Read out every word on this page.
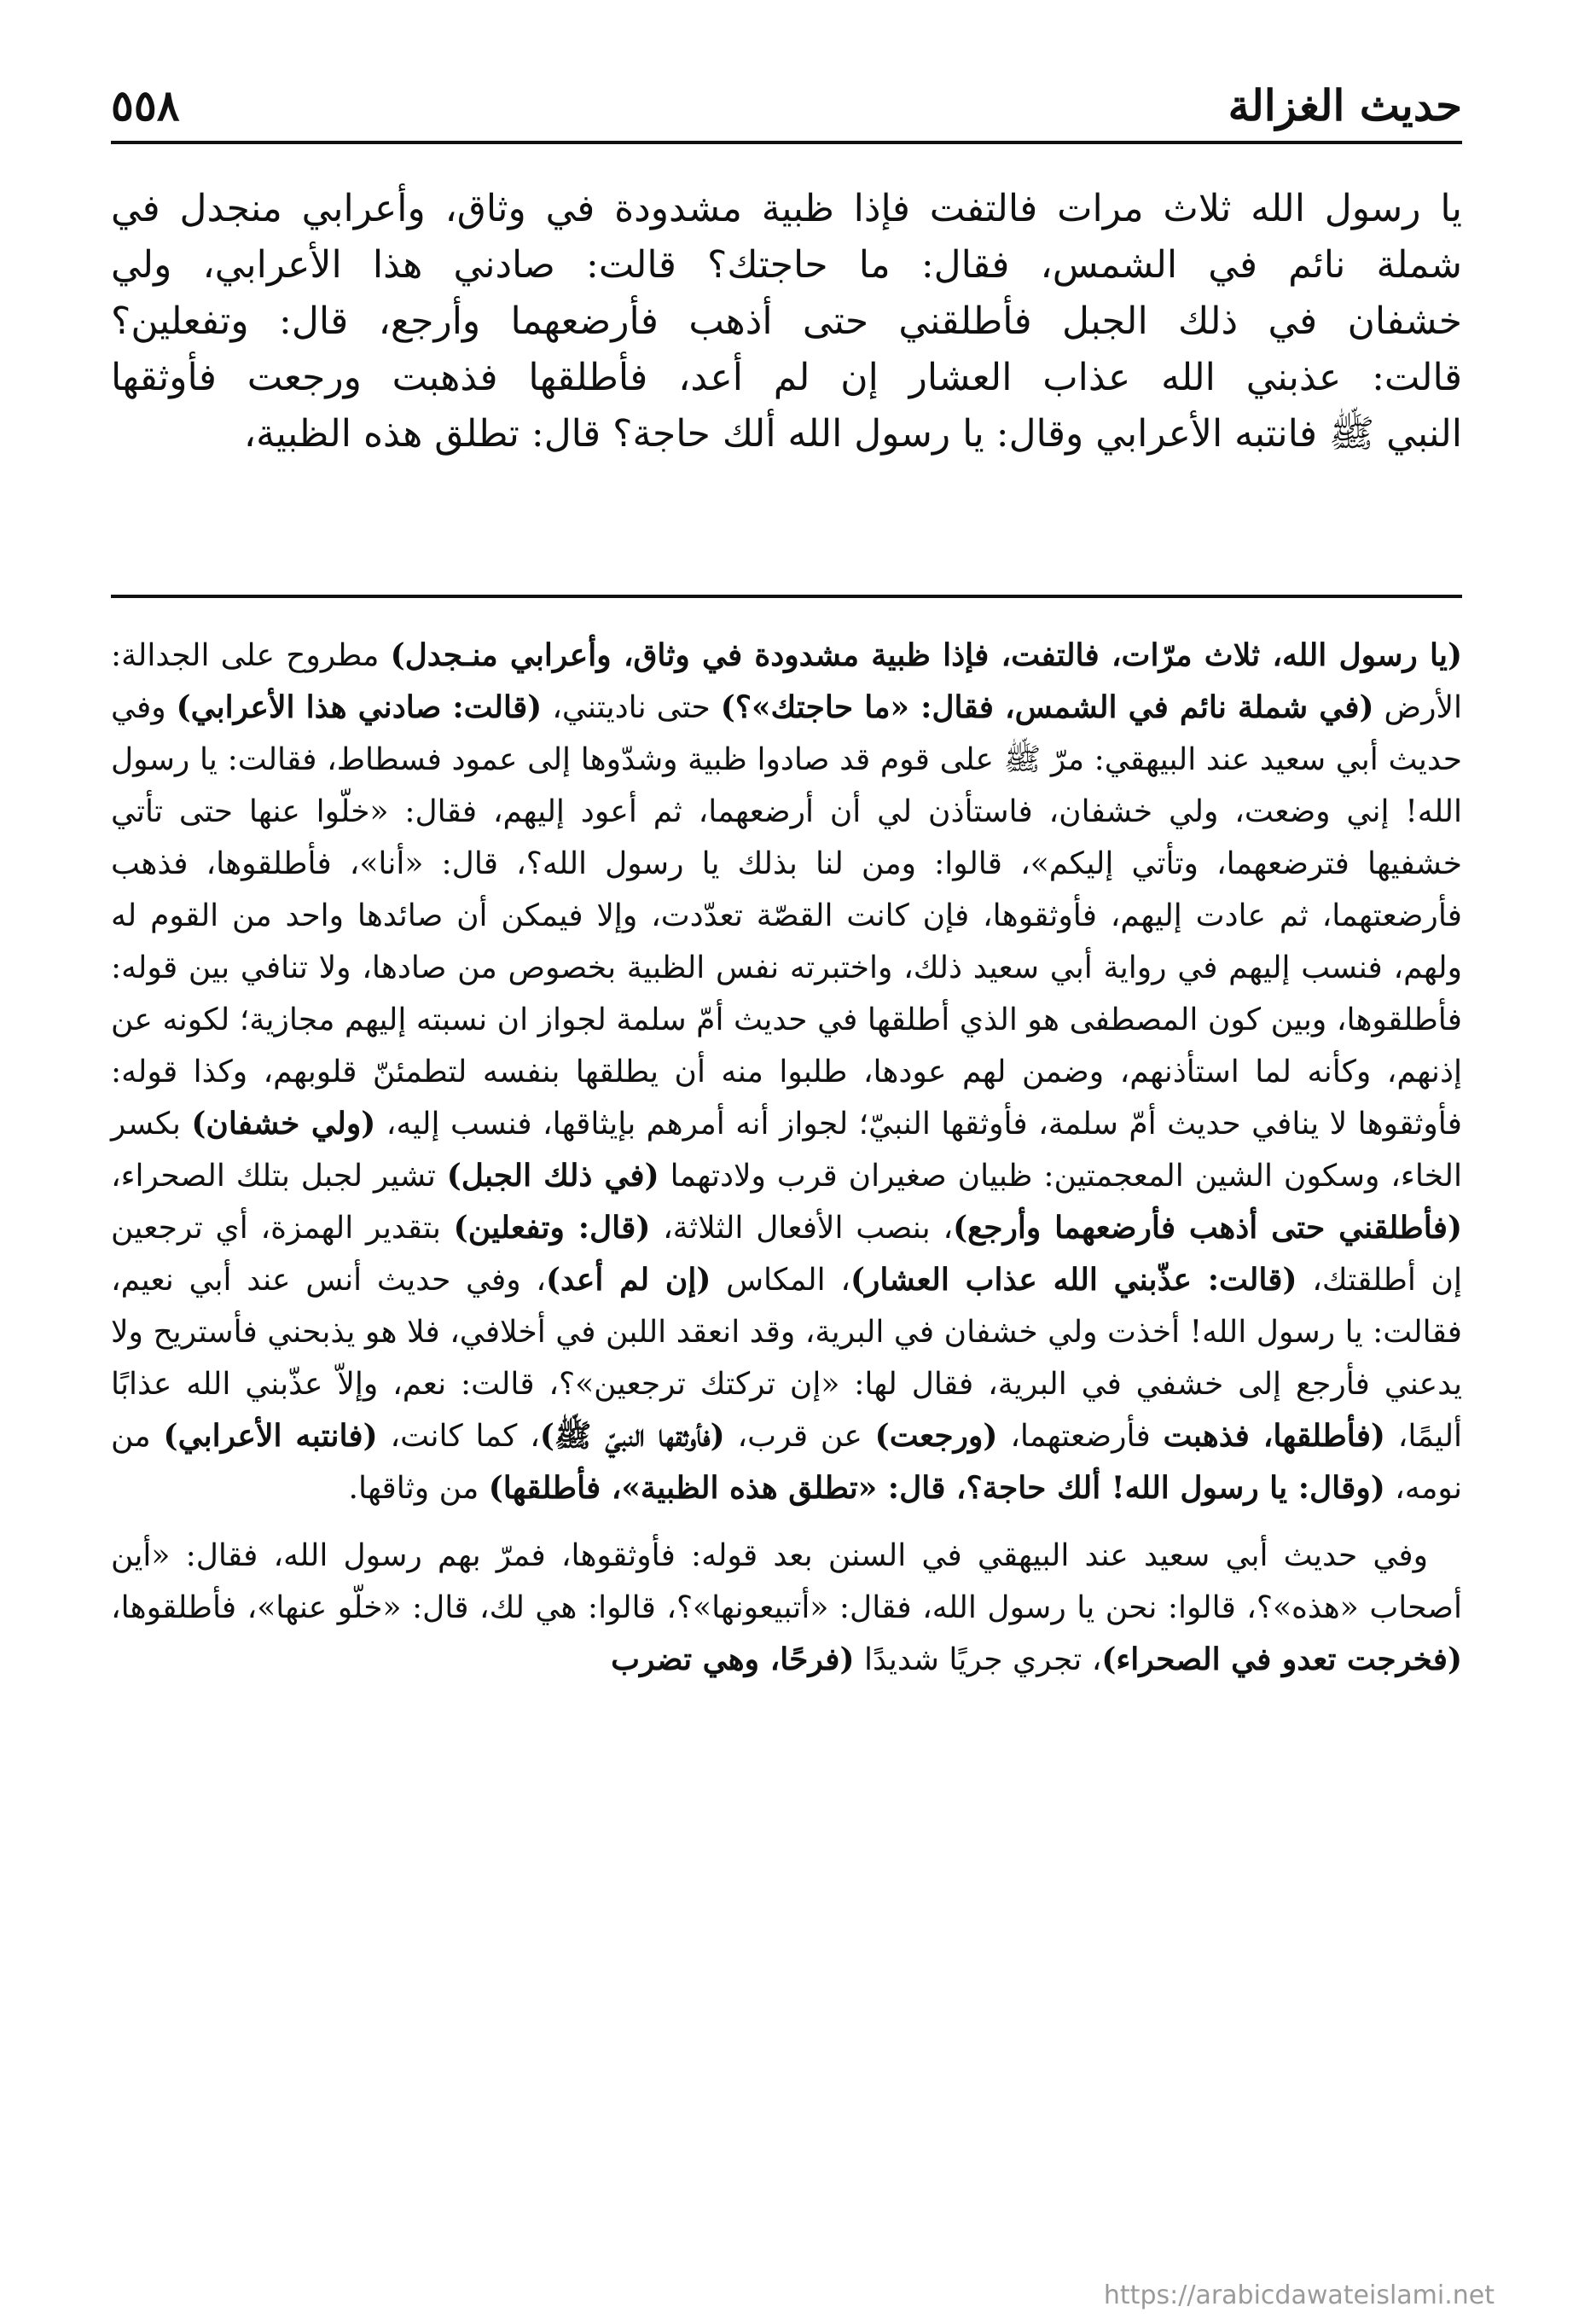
حديث الغزالة
٥٥٨

يا رسول الله ثلاث مرات فالتفت فإذا ظبية مشدودة في وثاق، وأعرابي منجدل في

شملة نائم في الشمس، فقال: ما حاجتك؟ قالت: صادني هذا الأعرابي، ولي

خشفان في ذلك الجبل فأطلقني حتى أذهب فأرضعهما وأرجع، قال: وتفعلين؟

قالت: عذبني الله عذاب العشار إن لم أعد، فأطلقها فذهبت ورجعت فأوثقها

النبي ﷺ فانتبه الأعرابي وقال: يا رسول الله ألك حاجة؟ قال: تطلق هذه الظبية،

(يا رسول الله، ثلاث مرّات، فالتفت، فإذا ظبية مشدودة في وثاق، وأعرابي منـجدل) مطروح على الجدالة: الأرض (في شملة نائم في الشمس، فقال: «ما حاجتك»؟) حتى ناديتني، (قالت: صادني هذا الأعرابي) وفي حديث أبي سعيد عند البيهقي: مرّ ﷺ على قوم قد صادوا ظبية وشدّوها إلى عمود فسطاط، فقالت: يا رسول الله! إني وضعت، ولي خشفان، فاستأذن لي أن أرضعهما، ثم أعود إليهم، فقال: «خلّوا عنها حتى تأتي خشفيها فترضعهما، وتأتي إليكم»، قالوا: ومن لنا بذلك يا رسول الله؟، قال: «أنا»، فأطلقوها، فذهب فأرضعتهما، ثم عادت إليهم، فأوثقوها، فإن كانت القصّة تعدّدت، وإلا فيمكن أن صائدها واحد من القوم له ولهم، فنسب إليهم في رواية أبي سعيد ذلك، واختبرته نفس الظبية بخصوص من صادها، ولا تنافي بين قوله: فأطلقوها، وبين كون المصطفى هو الذي أطلقها في حديث أمّ سلمة لجواز ان نسبته إليهم مجازية؛ لكونه عن إذنهم، وكأنه لما استأذنهم، وضمن لهم عودها، طلبوا منه أن يطلقها بنفسه لتطمئنّ قلوبهم، وكذا قوله: فأوثقوها لا ينافي حديث أمّ سلمة، فأوثقها النبيّ؛ لجواز أنه أمرهم بإيثاقها، فنسب إليه، (ولي خشفان) بكسر الخاء، وسكون الشين المعجمتين: ظبيان صغيران قرب ولادتهما (في ذلك الجبل) تشير لجبل بتلك الصحراء، (فأطلقني حتى أذهب فأرضعهما وأرجع)، بنصب الأفعال الثلاثة، (قال: وتفعلين) بتقدير الهمزة، أي ترجعين إن أطلقتك، (قالت: عذّبني الله عذاب العشار)، المكاس (إن لم أعد)، وفي حديث أنس عند أبي نعيم، فقالت: يا رسول الله! أخذت ولي خشفان في البرية، وقد انعقد اللبن في أخلافي، فلا هو يذبحني فأستريح ولا يدعني فأرجع إلى خشفي في البرية، فقال لها: «إن تركتك ترجعين»؟، قالت: نعم، وإلاّ عذّبني الله عذابًا أليمًا، (فأطلقها، فذهبت فأرضعتهما، (ورجعت) عن قرب، (فأوثقها النبيّ ﷺ)، كما كانت، (فانتبه الأعرابي) من نومه، (وقال: يا رسول الله! ألك حاجة؟، قال: «تطلق هذه الظبية»، فأطلقها) من وثاقها.

وفي حديث أبي سعيد عند البيهقي في السنن بعد قوله: فأوثقوها، فمرّ بهم رسول الله، فقال: «أين أصحاب «هذه»؟، قالوا: نحن يا رسول الله، فقال: «أتبيعونها»؟، قالوا: هي لك، قال: «خلّو عنها»، فأطلقوها، (فخرجت تعدو في الصحراء)، تجري جريًا شديدًا (فرحًا، وهي تضرب

https://arabicdawateislami.net
